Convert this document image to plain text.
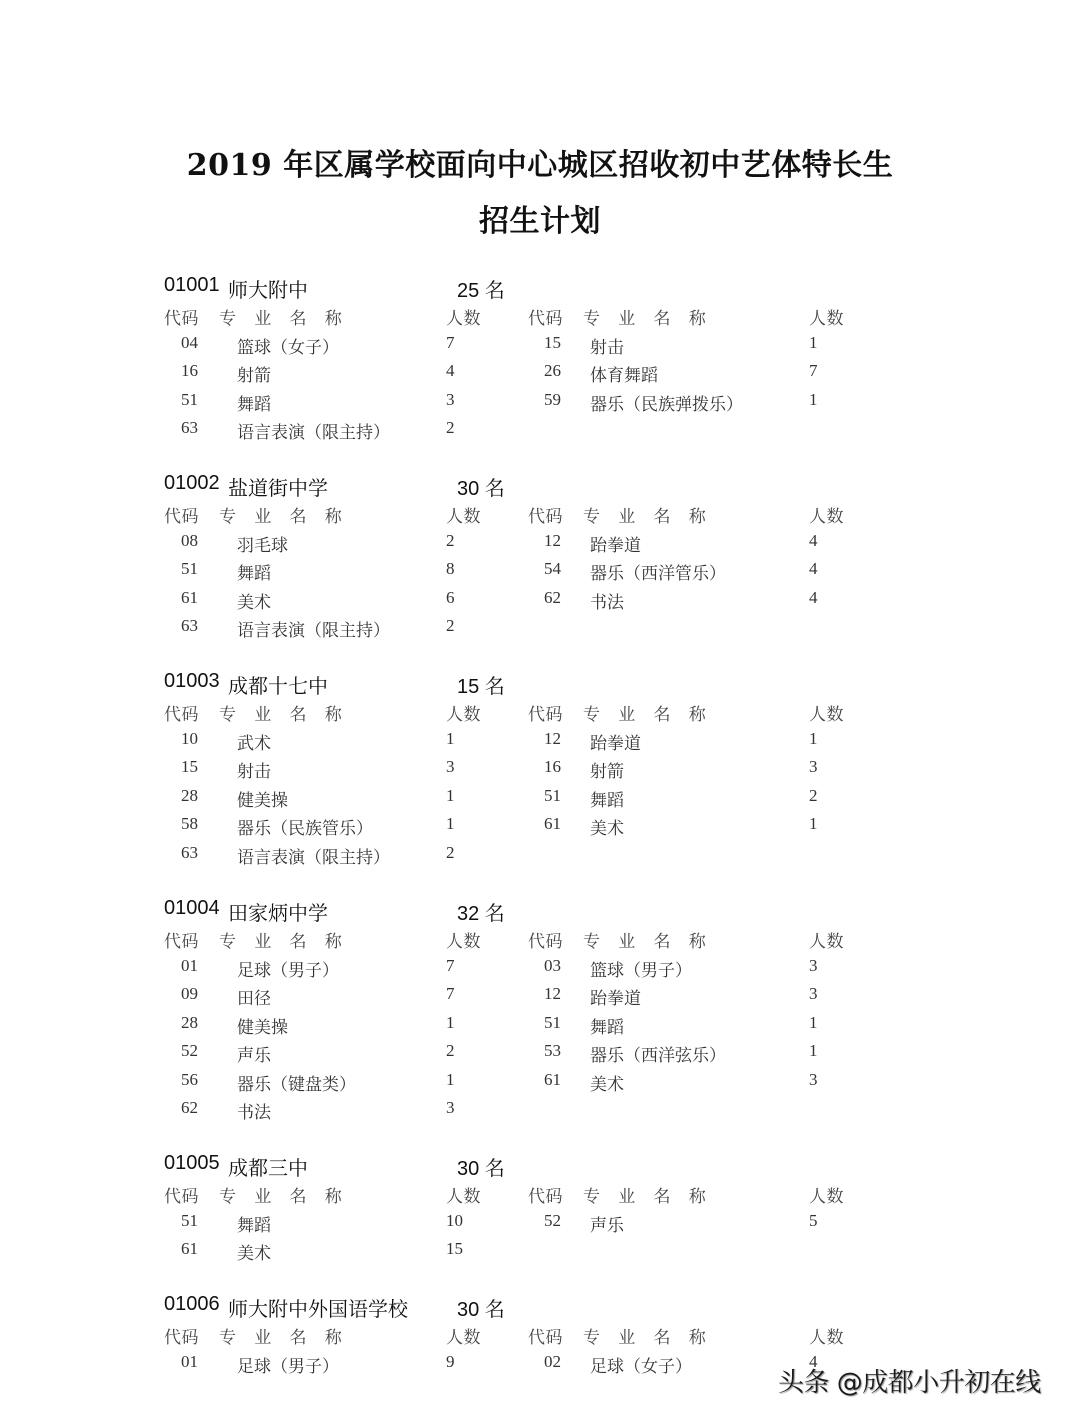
2019 年区属学校面向中心城区招收初中艺体特长生
招生计划
01001 师大附中	25 名
代码 专 业 名 称	人数	代码 专 业 名 称	人数
04 篮球（女子）	7	15 射击	1
16 射箭	4	26 体育舞蹈	7
51 舞蹈	3	59 器乐（民族弹拨乐）	1
63 语言表演（限主持）	2
01002 盐道街中学	30 名
代码 专 业 名 称	人数	代码 专 业 名 称	人数
08 羽毛球	2	12 跆拳道	4
51 舞蹈	8	54 器乐（西洋管乐）	4
61 美术	6	62 书法	4
63 语言表演（限主持）	2
01003 成都十七中	15 名
代码 专 业 名 称	人数	代码 专 业 名 称	人数
10 武术	1	12 跆拳道	1
15 射击	3	16 射箭	3
28 健美操	1	51 舞蹈	2
58 器乐（民族管乐）	1	61 美术	1
63 语言表演（限主持）	2
01004 田家炳中学	32 名
代码 专 业 名 称	人数	代码 专 业 名 称	人数
01 足球（男子）	7	03 篮球（男子）	3
09 田径	7	12 跆拳道	3
28 健美操	1	51 舞蹈	1
52 声乐	2	53 器乐（西洋弦乐）	1
56 器乐（键盘类）	1	61 美术	3
62 书法	3
01005 成都三中	30 名
代码 专 业 名 称	人数	代码 专 业 名 称	人数
51 舞蹈	10	52 声乐	5
61 美术	15
01006 师大附中外国语学校 30 名
代码 专 业 名 称	人数	代码 专 业 名 称	人数
01 足球（男子）	9	02 足球（女子）	4
头条 @成都小升初在线
